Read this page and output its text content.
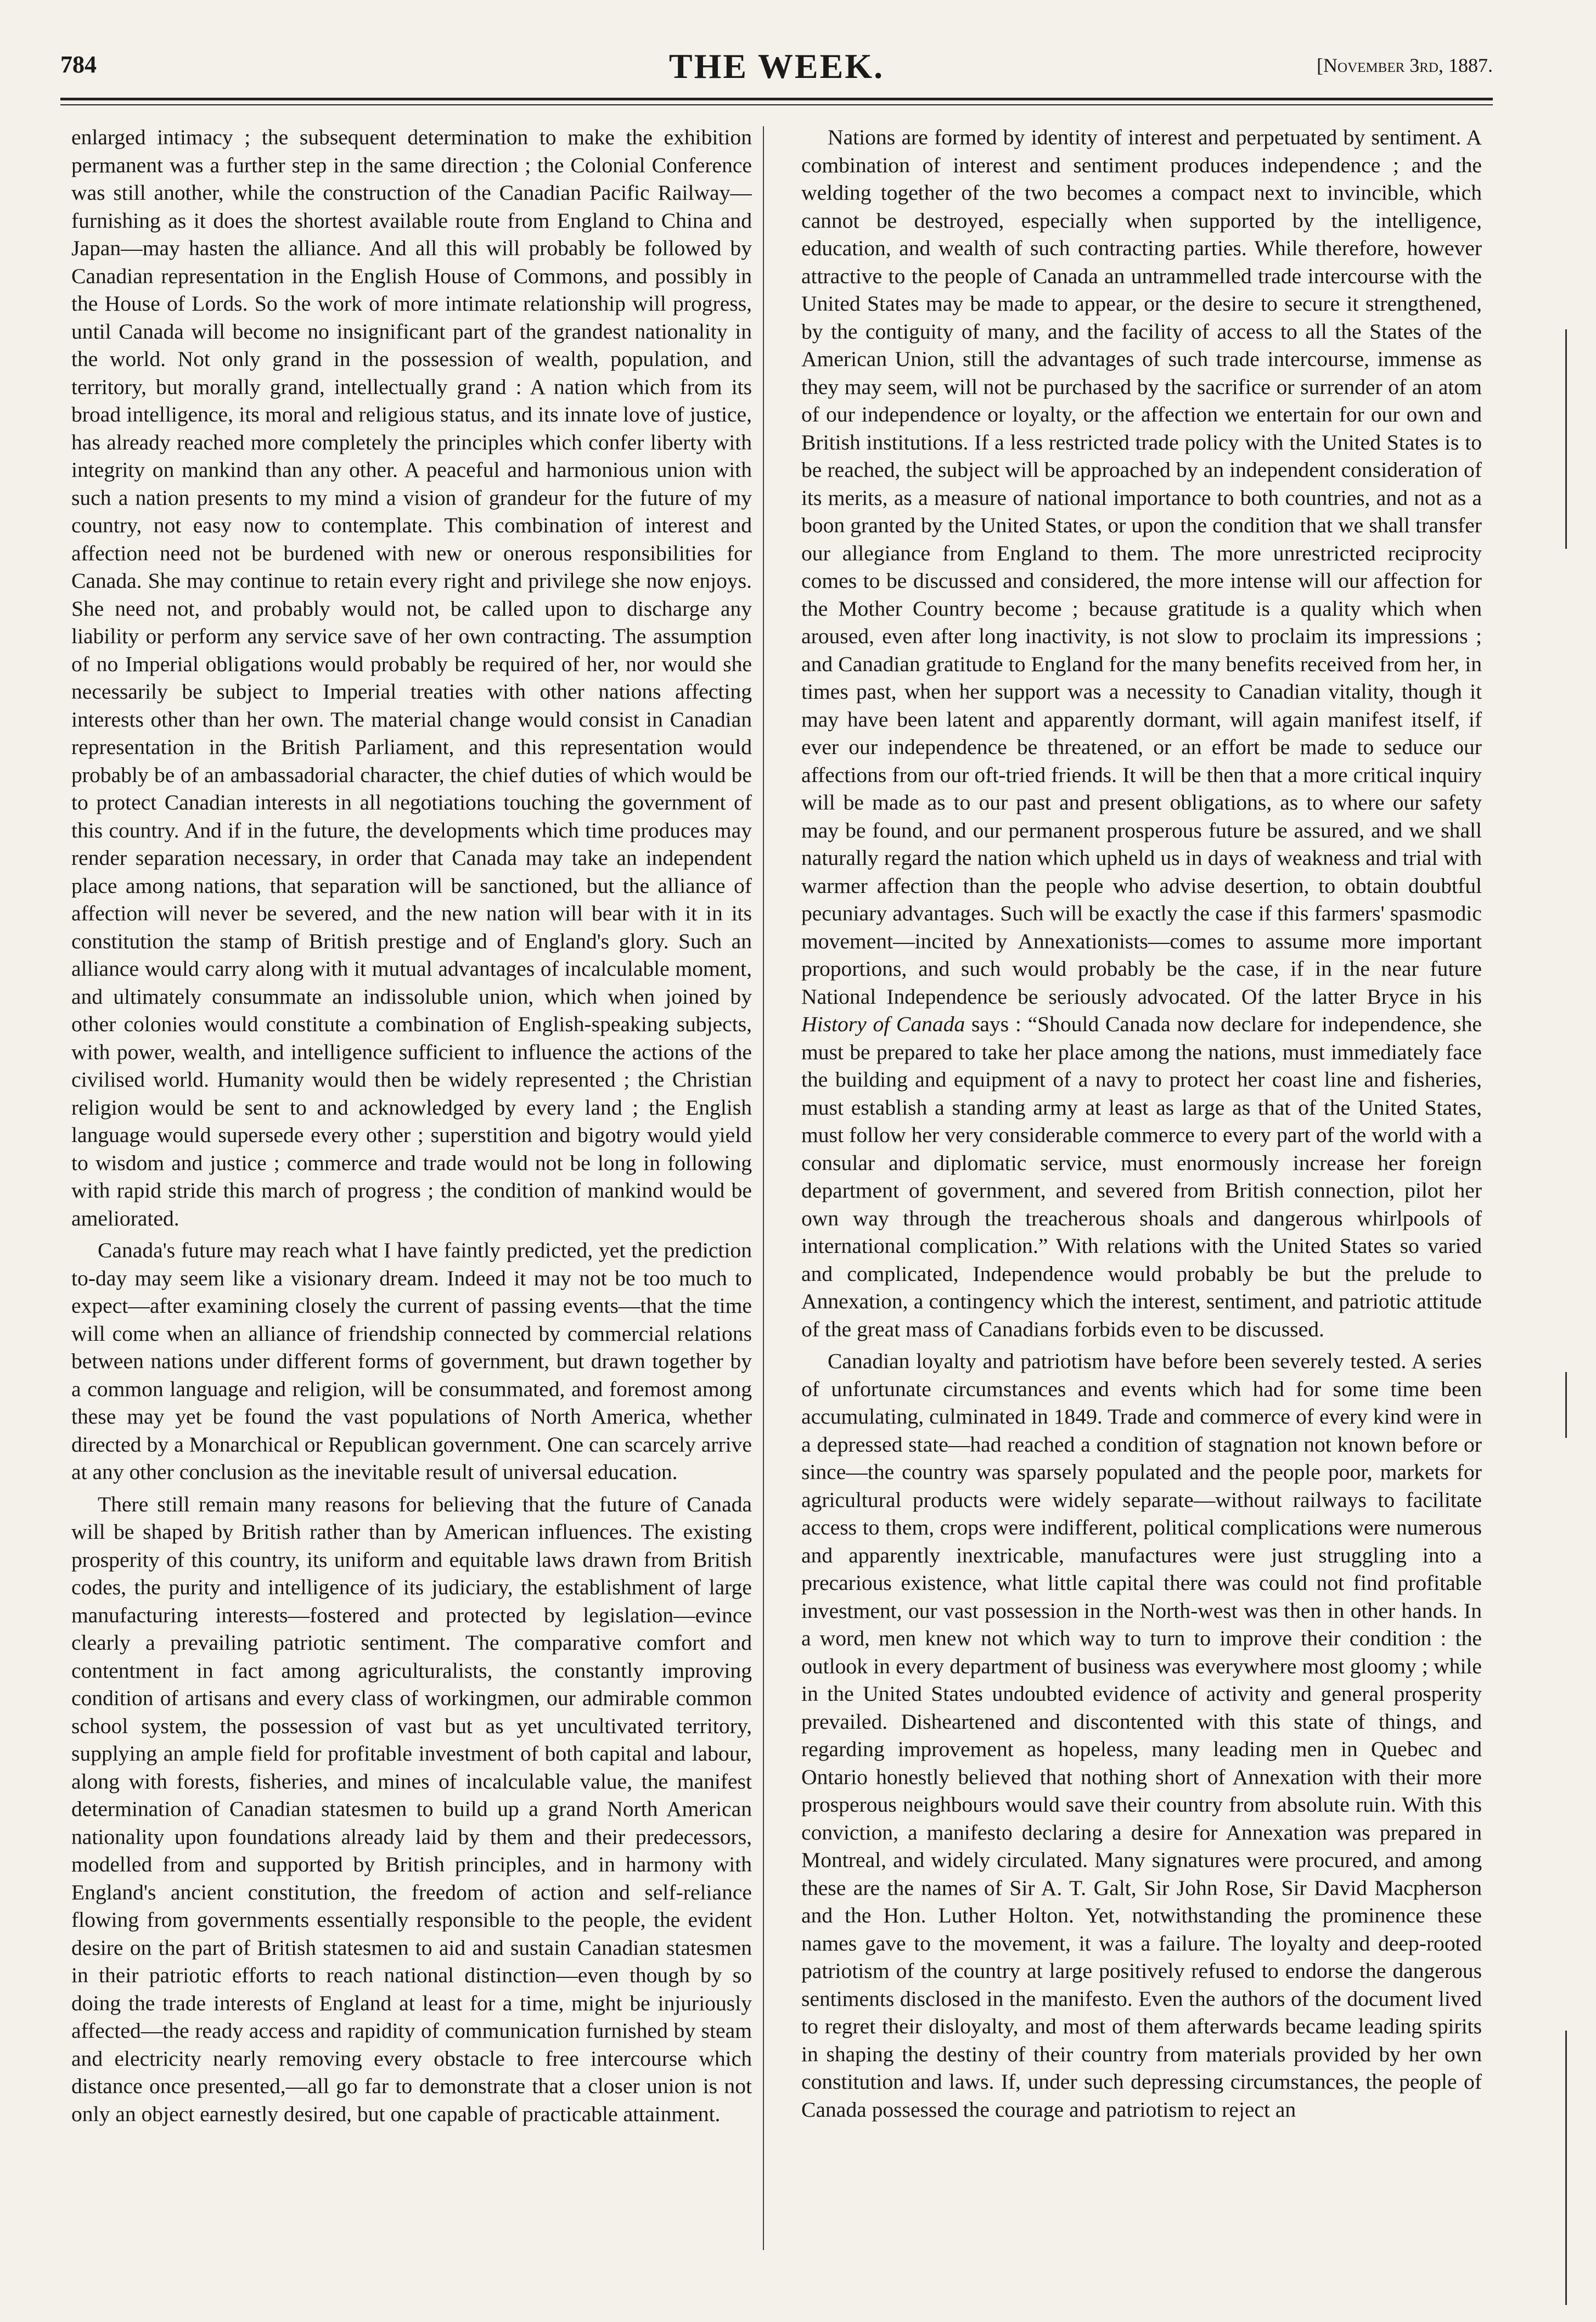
784	THE WEEK.	[November 3rd, 1887.

enlarged intimacy ; the subsequent determination to make the exhibition permanent was a further step in the same direction ; the Colonial Conference was still another, while the construction of the Canadian Pacific Railway—furnishing as it does the shortest available route from England to China and Japan—may hasten the alliance. And all this will probably be followed by Canadian representation in the English House of Commons, and possibly in the House of Lords. So the work of more intimate relationship will progress, until Canada will become no insignificant part of the grandest nationality in the world. Not only grand in the possession of wealth, population, and territory, but morally grand, intellectually grand : A nation which from its broad intelligence, its moral and religious status, and its innate love of justice, has already reached more completely the principles which confer liberty with integrity on mankind than any other. A peaceful and harmonious union with such a nation presents to my mind a vision of grandeur for the future of my country, not easy now to contemplate. This combination of interest and affection need not be burdened with new or onerous responsibilities for Canada. She may continue to retain every right and privilege she now enjoys. She need not, and probably would not, be called upon to discharge any liability or perform any service save of her own contracting. The assumption of no Imperial obligations would probably be required of her, nor would she necessarily be subject to Imperial treaties with other nations affecting interests other than her own. The material change would consist in Canadian representation in the British Parliament, and this representation would probably be of an ambassadorial character, the chief duties of which would be to protect Canadian interests in all negotiations touching the government of this country. And if in the future, the developments which time produces may render separation necessary, in order that Canada may take an independent place among nations, that separation will be sanctioned, but the alliance of affection will never be severed, and the new nation will bear with it in its constitution the stamp of British prestige and of England's glory. Such an alliance would carry along with it mutual advantages of incalculable moment, and ultimately consummate an indissoluble union, which when joined by other colonies would constitute a combination of English-speaking subjects, with power, wealth, and intelligence sufficient to influence the actions of the civilised world. Humanity would then be widely represented ; the Christian religion would be sent to and acknowledged by every land ; the English language would supersede every other ; superstition and bigotry would yield to wisdom and justice ; commerce and trade would not be long in following with rapid stride this march of progress ; the condition of mankind would be ameliorated.

Canada's future may reach what I have faintly predicted, yet the prediction to-day may seem like a visionary dream. Indeed it may not be too much to expect—after examining closely the current of passing events—that the time will come when an alliance of friendship connected by commercial relations between nations under different forms of government, but drawn together by a common language and religion, will be consummated, and foremost among these may yet be found the vast populations of North America, whether directed by a Monarchical or Republican government. One can scarcely arrive at any other conclusion as the inevitable result of universal education.

There still remain many reasons for believing that the future of Canada will be shaped by British rather than by American influences. The existing prosperity of this country, its uniform and equitable laws drawn from British codes, the purity and intelligence of its judiciary, the establishment of large manufacturing interests—fostered and protected by legislation—evince clearly a prevailing patriotic sentiment. The comparative comfort and contentment in fact among agriculturalists, the constantly improving condition of artisans and every class of workingmen, our admirable common school system, the possession of vast but as yet uncultivated territory, supplying an ample field for profitable investment of both capital and labour, along with forests, fisheries, and mines of incalculable value, the manifest determination of Canadian statesmen to build up a grand North American nationality upon foundations already laid by them and their predecessors, modelled from and supported by British principles, and in harmony with England's ancient constitution, the freedom of action and self-reliance flowing from governments essentially responsible to the people, the evident desire on the part of British statesmen to aid and sustain Canadian statesmen in their patriotic efforts to reach national distinction—even though by so doing the trade interests of England at least for a time, might be injuriously affected—the ready access and rapidity of communication furnished by steam and electricity nearly removing every obstacle to free intercourse which distance once presented,—all go far to demonstrate that a closer union is not only an object earnestly desired, but one capable of practicable attainment.

Nations are formed by identity of interest and perpetuated by sentiment. A combination of interest and sentiment produces independence ; and the welding together of the two becomes a compact next to invincible, which cannot be destroyed, especially when supported by the intelligence, education, and wealth of such contracting parties. While therefore, however attractive to the people of Canada an untrammelled trade intercourse with the United States may be made to appear, or the desire to secure it strengthened, by the contiguity of many, and the facility of access to all the States of the American Union, still the advantages of such trade intercourse, immense as they may seem, will not be purchased by the sacrifice or surrender of an atom of our independence or loyalty, or the affection we entertain for our own and British institutions. If a less restricted trade policy with the United States is to be reached, the subject will be approached by an independent consideration of its merits, as a measure of national importance to both countries, and not as a boon granted by the United States, or upon the condition that we shall transfer our allegiance from England to them. The more unrestricted reciprocity comes to be discussed and considered, the more intense will our affection for the Mother Country become ; because gratitude is a quality which when aroused, even after long inactivity, is not slow to proclaim its impressions ; and Canadian gratitude to England for the many benefits received from her, in times past, when her support was a necessity to Canadian vitality, though it may have been latent and apparently dormant, will again manifest itself, if ever our independence be threatened, or an effort be made to seduce our affections from our oft-tried friends. It will be then that a more critical inquiry will be made as to our past and present obligations, as to where our safety may be found, and our permanent prosperous future be assured, and we shall naturally regard the nation which upheld us in days of weakness and trial with warmer affection than the people who advise desertion, to obtain doubtful pecuniary advantages. Such will be exactly the case if this farmers' spasmodic movement—incited by Annexationists—comes to assume more important proportions, and such would probably be the case, if in the near future National Independence be seriously advocated. Of the latter Bryce in his History of Canada says : “Should Canada now declare for independence, she must be prepared to take her place among the nations, must immediately face the building and equipment of a navy to protect her coast line and fisheries, must establish a standing army at least as large as that of the United States, must follow her very considerable commerce to every part of the world with a consular and diplomatic service, must enormously increase her foreign department of government, and severed from British connection, pilot her own way through the treacherous shoals and dangerous whirlpools of international complication.” With relations with the United States so varied and complicated, Independence would probably be but the prelude to Annexation, a contingency which the interest, sentiment, and patriotic attitude of the great mass of Canadians forbids even to be discussed.

Canadian loyalty and patriotism have before been severely tested. A series of unfortunate circumstances and events which had for some time been accumulating, culminated in 1849. Trade and commerce of every kind were in a depressed state—had reached a condition of stagnation not known before or since—the country was sparsely populated and the people poor, markets for agricultural products were widely separate—without railways to facilitate access to them, crops were indifferent, political complications were numerous and apparently inextricable, manufactures were just struggling into a precarious existence, what little capital there was could not find profitable investment, our vast possession in the North-west was then in other hands. In a word, men knew not which way to turn to improve their condition : the outlook in every department of business was everywhere most gloomy ; while in the United States undoubted evidence of activity and general prosperity prevailed. Disheartened and discontented with this state of things, and regarding improvement as hopeless, many leading men in Quebec and Ontario honestly believed that nothing short of Annexation with their more prosperous neighbours would save their country from absolute ruin. With this conviction, a manifesto declaring a desire for Annexation was prepared in Montreal, and widely circulated. Many signatures were procured, and among these are the names of Sir A. T. Galt, Sir John Rose, Sir David Macpherson and the Hon. Luther Holton. Yet, notwithstanding the prominence these names gave to the movement, it was a failure. The loyalty and deep-rooted patriotism of the country at large positively refused to endorse the dangerous sentiments disclosed in the manifesto. Even the authors of the document lived to regret their disloyalty, and most of them afterwards became leading spirits in shaping the destiny of their country from materials provided by her own constitution and laws. If, under such depressing circumstances, the people of Canada possessed the courage and patriotism to reject an
